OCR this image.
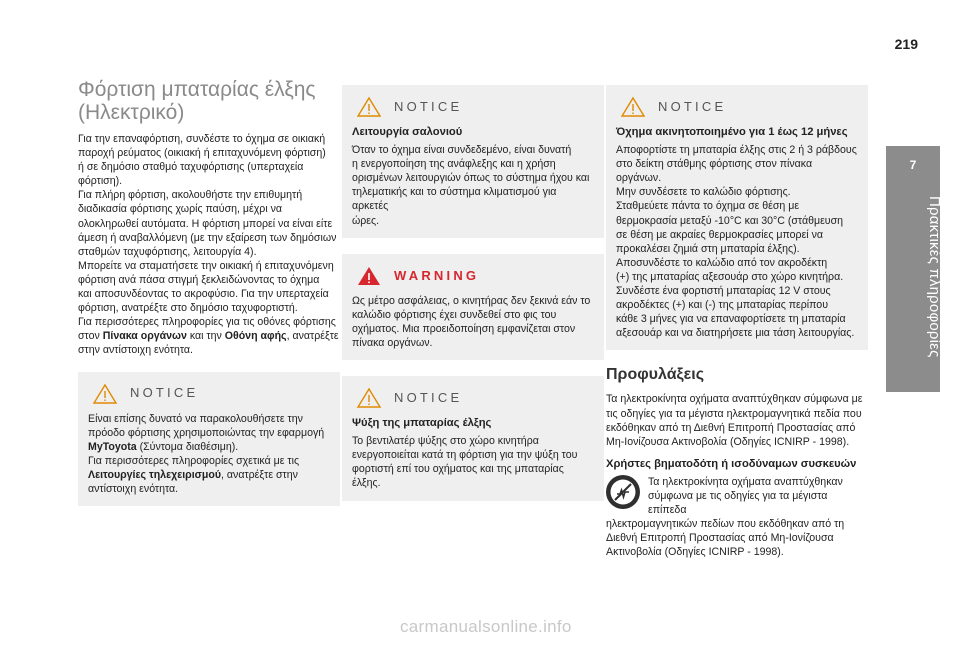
219
7
Πρακτικές πληροφορίες
Φόρτιση μπαταρίας έλξης
(Ηλεκτρικό)

Για την επαναφόρτιση, συνδέστε το όχημα σε οικιακή
παροχή ρεύματος (οικιακή ή επιταχυνόμενη φόρτιση)
ή σε δημόσιο σταθμό ταχυφόρτισης (υπερταχεία
φόρτιση).

Για πλήρη φόρτιση, ακολουθήστε την επιθυμητή
διαδικασία φόρτισης χωρίς παύση, μέχρι να
ολοκληρωθεί αυτόματα. Η φόρτιση μπορεί να είναι είτε
άμεση ή αναβαλλόμενη (με την εξαίρεση των δημόσιων
σταθμών ταχυφόρτισης, λειτουργία 4).

Μπορείτε να σταματήσετε την οικιακή ή επιταχυνόμενη
φόρτιση ανά πάσα στιγμή ξεκλειδώνοντας το όχημα
και αποσυνδέοντας το ακροφύσιο. Για την υπερταχεία
φόρτιση, ανατρέξτε στο δημόσιο ταχυφορτιστή.

Για περισσότερες πληροφορίες για τις οθόνες φόρτισης
στον Πίνακα οργάνων και την Οθόνη αφής, ανατρέξτε
στην αντίστοιχη ενότητα.

NOTICE

Είναι επίσης δυνατό να παρακολουθήσετε την
πρόοδο φόρτισης χρησιμοποιώντας την εφαρμογή
MyToyota (Σύντομα διαθέσιμη).
Για περισσότερες πληροφορίες σχετικά με τις
Λειτουργίες τηλεχειρισμού, ανατρέξτε στην
αντίστοιχη ενότητα.

NOTICE
Λειτουργία σαλονιού

Όταν το όχημα είναι συνδεδεμένο, είναι δυνατή
η ενεργοποίηση της ανάφλεξης και η χρήση
ορισμένων λειτουργιών όπως το σύστημα ήχου και
τηλεματικής και το σύστημα κλιματισμού για αρκετές
ώρες.

WARNING

Ως μέτρο ασφάλειας, ο κινητήρας δεν ξεκινά εάν το
καλώδιο φόρτισης έχει συνδεθεί στο φις του
οχήματος. Μια προειδοποίηση εμφανίζεται στον
πίνακα οργάνων.

NOTICE
Ψύξη της μπαταρίας έλξης

Το βεντιλατέρ ψύξης στο χώρο κινητήρα
ενεργοποιείται κατά τη φόρτιση για την ψύξη του
φορτιστή επί του οχήματος και της μπαταρίας έλξης.

NOTICE
Όχημα ακινητοποιημένο για 1 έως 12 μήνες

Αποφορτίστε τη μπαταρία έλξης στις 2 ή 3 ράβδους
στο δείκτη στάθμης φόρτισης στον πίνακα οργάνων.
Μην συνδέσετε το καλώδιο φόρτισης.
Σταθμεύετε πάντα το όχημα σε θέση με
θερμοκρασία μεταξύ -10°C και 30°C (στάθμευση
σε θέση με ακραίες θερμοκρασίες μπορεί να
προκαλέσει ζημιά στη μπαταρία έλξης).
Αποσυνδέστε το καλώδιο από τον ακροδέκτη
(+) της μπαταρίας αξεσουάρ στο χώρο κινητήρα.
Συνδέστε ένα φορτιστή μπαταρίας 12 V στους
ακροδέκτες (+) και (-) της μπαταρίας περίπου
κάθε 3 μήνες για να επαναφορτίσετε τη μπαταρία
αξεσουάρ και να διατηρήσετε μια τάση λειτουργίας.

Προφυλάξεις

Τα ηλεκτροκίνητα οχήματα αναπτύχθηκαν σύμφωνα με
τις οδηγίες για τα μέγιστα ηλεκτρομαγνητικά πεδία που
εκδόθηκαν από τη Διεθνή Επιτροπή Προστασίας από
Μη-Ιονίζουσα Ακτινοβολία (Οδηγίες ICNIRP - 1998).

Χρήστες βηματοδότη ή ισοδύναμων συσκευών

Τα ηλεκτροκίνητα οχήματα αναπτύχθηκαν σύμφωνα με τις οδηγίες για τα μέγιστα επίπεδα

ηλεκτρομαγνητικών πεδίων που εκδόθηκαν από τη
Διεθνή Επιτροπή Προστασίας από Μη-Ιονίζουσα
Ακτινοβολία (Οδηγίες ICNIRP - 1998).

carmanualsonline.info
